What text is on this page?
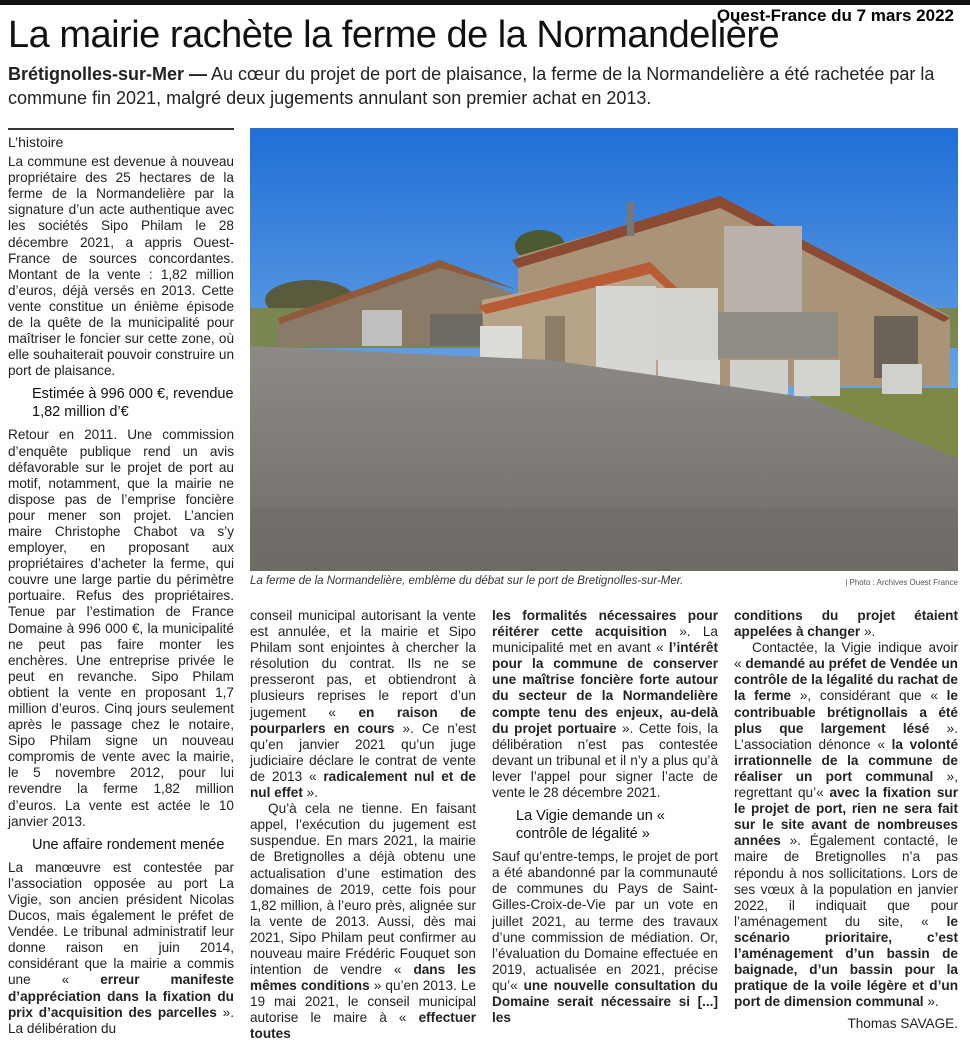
Ouest-France du 7 mars 2022
La mairie rachète la ferme de la Normandelière

Brétignolles-sur-Mer — Au cœur du projet de port de plaisance, la ferme de la Normandelière a été rachetée par la commune fin 2021, malgré deux jugements annulant son premier achat en 2013.

L’histoire

La commune est devenue à nouveau propriétaire des 25 hectares de la ferme de la Normandelière par la signature d’un acte authentique avec les sociétés Sipo Philam le 28 décembre 2021, a appris Ouest-France de sources concordantes. Montant de la vente : 1,82 million d’euros, déjà versés en 2013. Cette vente constitue un énième épisode de la quête de la municipalité pour maîtriser le foncier sur cette zone, où elle souhaiterait pouvoir construire un port de plaisance.

Estimée à 996 000 €, revendue 1,82 million d’€

Retour en 2011. Une commission d’enquête publique rend un avis défavorable sur le projet de port au motif, notamment, que la mairie ne dispose pas de l’emprise foncière pour mener son projet. L’ancien maire Christophe Chabot va s’y employer, en proposant aux propriétaires d’acheter la ferme, qui couvre une large partie du périmètre portuaire. Refus des propriétaires. Tenue par l’estimation de France Domaine à 996 000 €, la municipalité ne peut pas faire monter les enchères. Une entreprise privée le peut en revanche. Sipo Philam obtient la vente en proposant 1,7 million d’euros. Cinq jours seulement après le passage chez le notaire, Sipo Philam signe un nouveau compromis de vente avec la mairie, le 5 novembre 2012, pour lui revendre la ferme 1,82 million d’euros. La vente est actée le 10 janvier 2013.

Une affaire rondement menée

La manœuvre est contestée par l’association opposée au port La Vigie, son ancien président Nicolas Ducos, mais également le préfet de Vendée. Le tribunal administratif leur donne raison en juin 2014, considérant que la mairie a commis une « erreur manifeste d’appréciation dans la fixation du prix d’acquisition des parcelles ». La délibération du

La ferme de la Normandelière, emblème du débat sur le port de Bretignolles-sur-Mer.	| Photo : Archives Ouest France

conseil municipal autorisant la vente est annulée, et la mairie et Sipo Philam sont enjointes à chercher la résolution du contrat. Ils ne se presseront pas, et obtiendront à plusieurs reprises le report d’un jugement « en raison de pourparlers en cours ». Ce n’est qu’en janvier 2021 qu’un juge judiciaire déclare le contrat de vente de 2013 « radicalement nul et de nul effet ».

Qu’à cela ne tienne. En faisant appel, l’exécution du jugement est suspendue. En mars 2021, la mairie de Bretignolles a déjà obtenu une actualisation d’une estimation des domaines de 2019, cette fois pour 1,82 million, à l’euro près, alignée sur la vente de 2013. Aussi, dès mai 2021, Sipo Philam peut confirmer au nouveau maire Frédéric Fouquet son intention de vendre « dans les mêmes conditions » qu’en 2013. Le 19 mai 2021, le conseil municipal autorise le maire à « effectuer toutes

les formalités nécessaires pour réitérer cette acquisition ». La municipalité met en avant « l’intérêt pour la commune de conserver une maîtrise foncière forte autour du secteur de la Normandelière compte tenu des enjeux, au-delà du projet portuaire ». Cette fois, la délibération n’est pas contestée devant un tribunal et il n’y a plus qu’à lever l’appel pour signer l’acte de vente le 28 décembre 2021.

La Vigie demande un « contrôle de légalité »

Sauf qu’entre-temps, le projet de port a été abandonné par la communauté de communes du Pays de Saint-Gilles-Croix-de-Vie par un vote en juillet 2021, au terme des travaux d’une commission de médiation. Or, l’évaluation du Domaine effectuée en 2019, actualisée en 2021, précise qu’« une nouvelle consultation du Domaine serait nécessaire si [...] les

conditions du projet étaient appelées à changer ».

Contactée, la Vigie indique avoir « demandé au préfet de Vendée un contrôle de la légalité du rachat de la ferme », considérant que « le contribuable brétignollais a été plus que largement lésé ». L’association dénonce « la volonté irrationnelle de la commune de réaliser un port communal », regrettant qu’« avec la fixation sur le projet de port, rien ne sera fait sur le site avant de nombreuses années ». Également contacté, le maire de Bretignolles n’a pas répondu à nos sollicitations. Lors de ses vœux à la population en janvier 2022, il indiquait que pour l’aménagement du site, « le scénario prioritaire, c’est l’aménagement d’un bassin de baignade, d’un bassin pour la pratique de la voile légère et d’un port de dimension communal ».

Thomas SAVAGE.
